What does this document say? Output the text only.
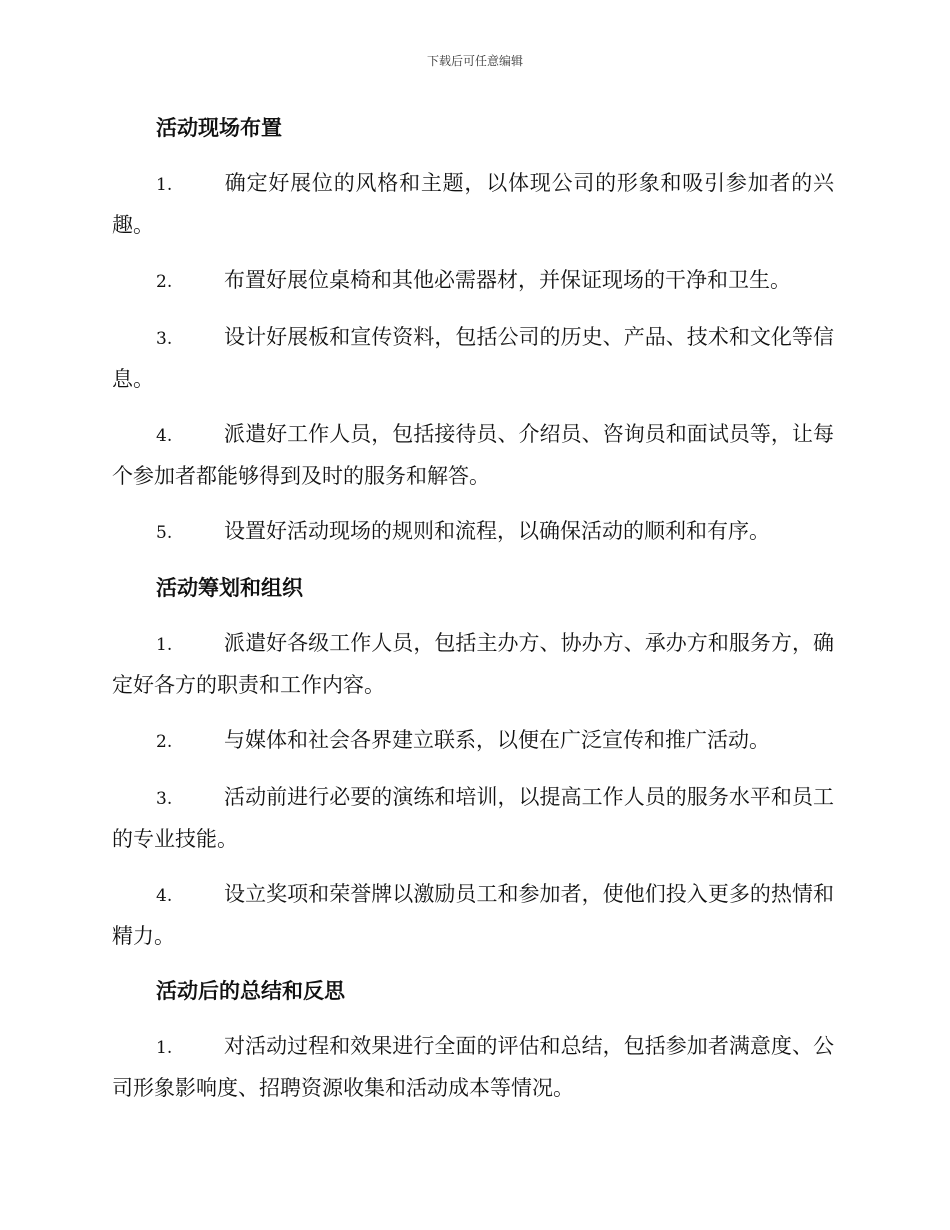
下载后可任意编辑
活动现场布置

1. 确定好展位的风格和主题，以体现公司的形象和吸引参加者的兴趣。

2. 布置好展位桌椅和其他必需器材，并保证现场的干净和卫生。

3. 设计好展板和宣传资料，包括公司的历史、产品、技术和文化等信息。

4. 派遣好工作人员，包括接待员、介绍员、咨询员和面试员等，让每个参加者都能够得到及时的服务和解答。

5. 设置好活动现场的规则和流程，以确保活动的顺利和有序。

活动筹划和组织

1. 派遣好各级工作人员，包括主办方、协办方、承办方和服务方，确定好各方的职责和工作内容。

2. 与媒体和社会各界建立联系，以便在广泛宣传和推广活动。

3. 活动前进行必要的演练和培训，以提高工作人员的服务水平和员工的专业技能。

4. 设立奖项和荣誉牌以激励员工和参加者，使他们投入更多的热情和精力。

活动后的总结和反思

1. 对活动过程和效果进行全面的评估和总结，包括参加者满意度、公司形象影响度、招聘资源收集和活动成本等情况。
